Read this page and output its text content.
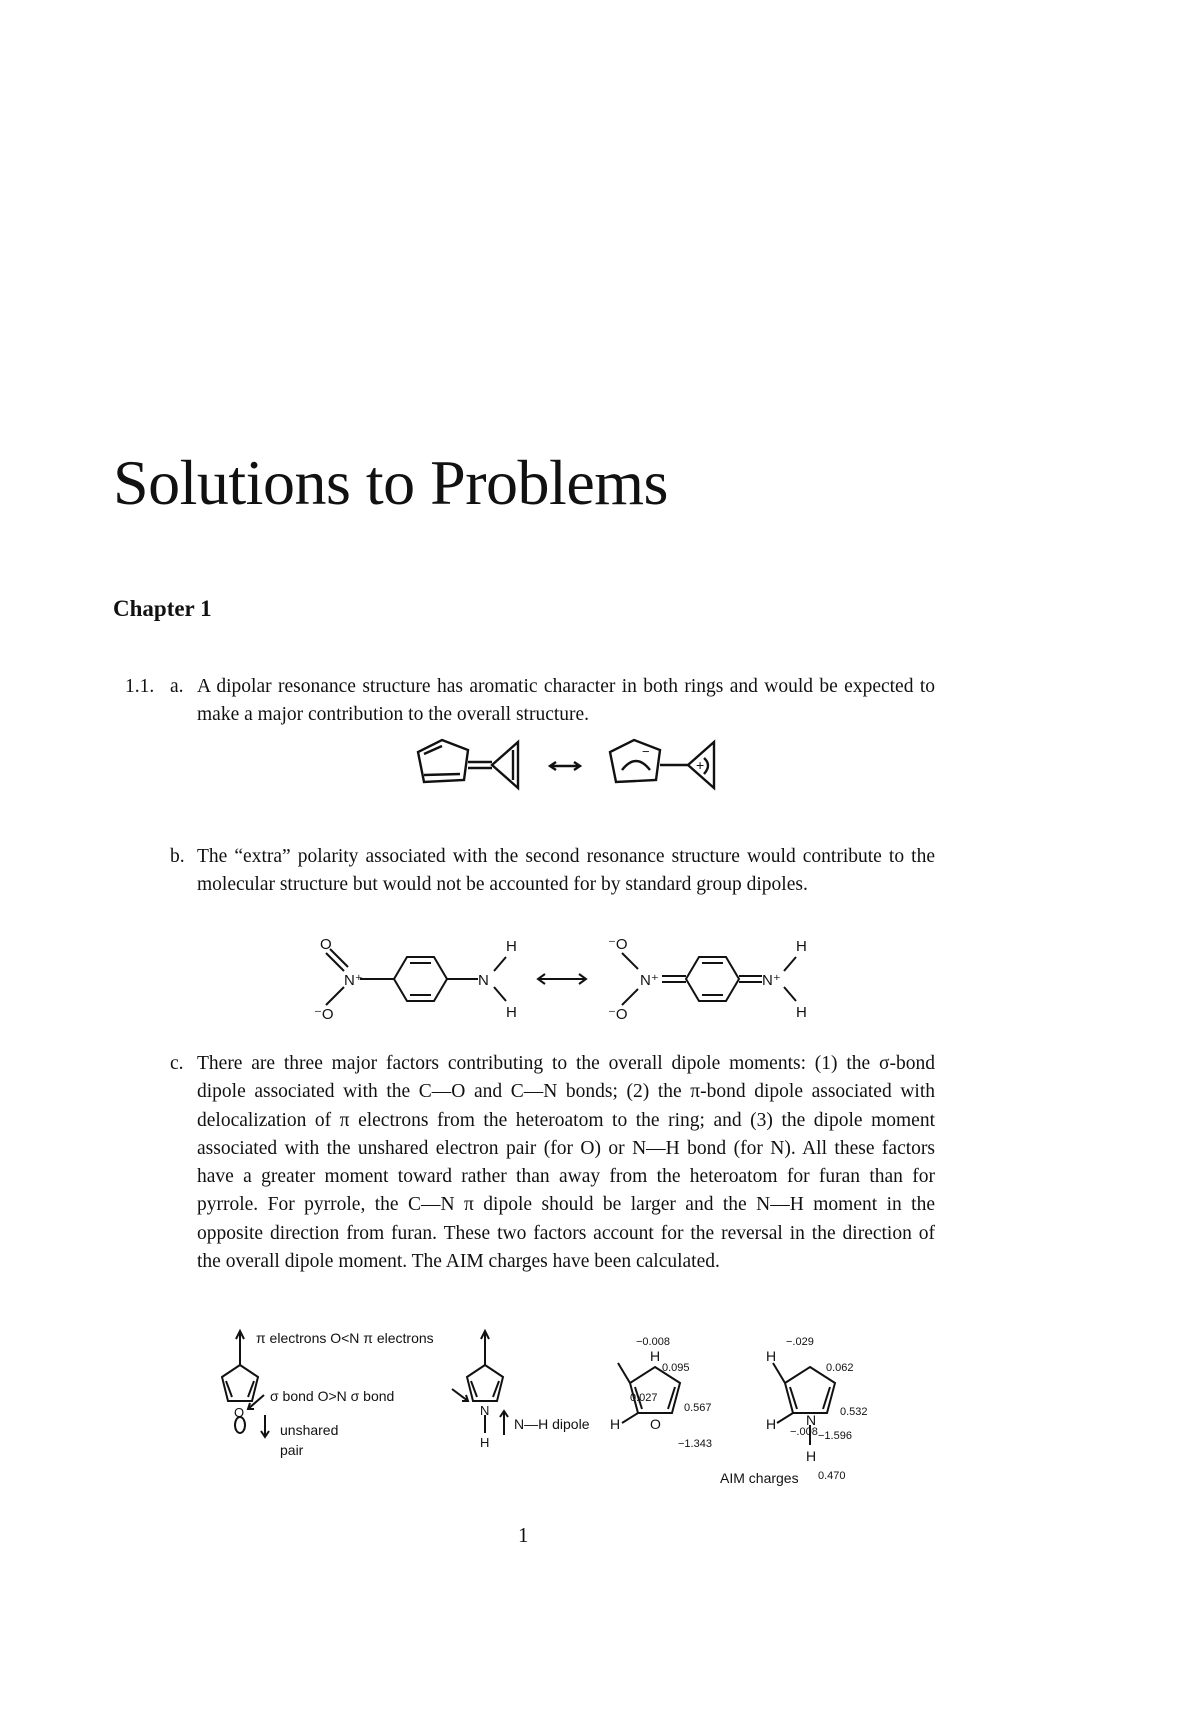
Solutions to Problems
Chapter 1
1.1. a. A dipolar resonance structure has aromatic character in both rings and would be expected to make a major contribution to the overall structure.
−
+
b. The “extra” polarity associated with the second resonance structure would contribute to the molecular structure but would not be accounted for by standard group dipoles.
O
N⁺
⁻O
N
H
H
⁻O
N⁺
⁻O
N⁺
H
H
c. There are three major factors contributing to the overall dipole moments: (1) the σ-bond dipole associated with the C—O and C—N bonds; (2) the π-bond dipole associated with delocalization of π electrons from the heteroatom to the ring; and (3) the dipole moment associated with the unshared electron pair (for O) or N—H bond (for N). All these factors have a greater moment toward rather than away from the heteroatom for furan than for pyrrole. For pyrrole, the C—N π dipole should be larger and the N—H moment in the opposite direction from furan. These two factors account for the reversal in the direction of the overall dipole moment. The AIM charges have been calculated.
π electrons O<N π electrons
σ bond O>N σ bond
O
unshared
pair
N
H
N—H dipole
−0.008
0.095
0.027
0.567
−1.343
−.029
0.062
−.008
0.532
−1.596
0.470
H
H O
H
H N
H
AIM charges
1
